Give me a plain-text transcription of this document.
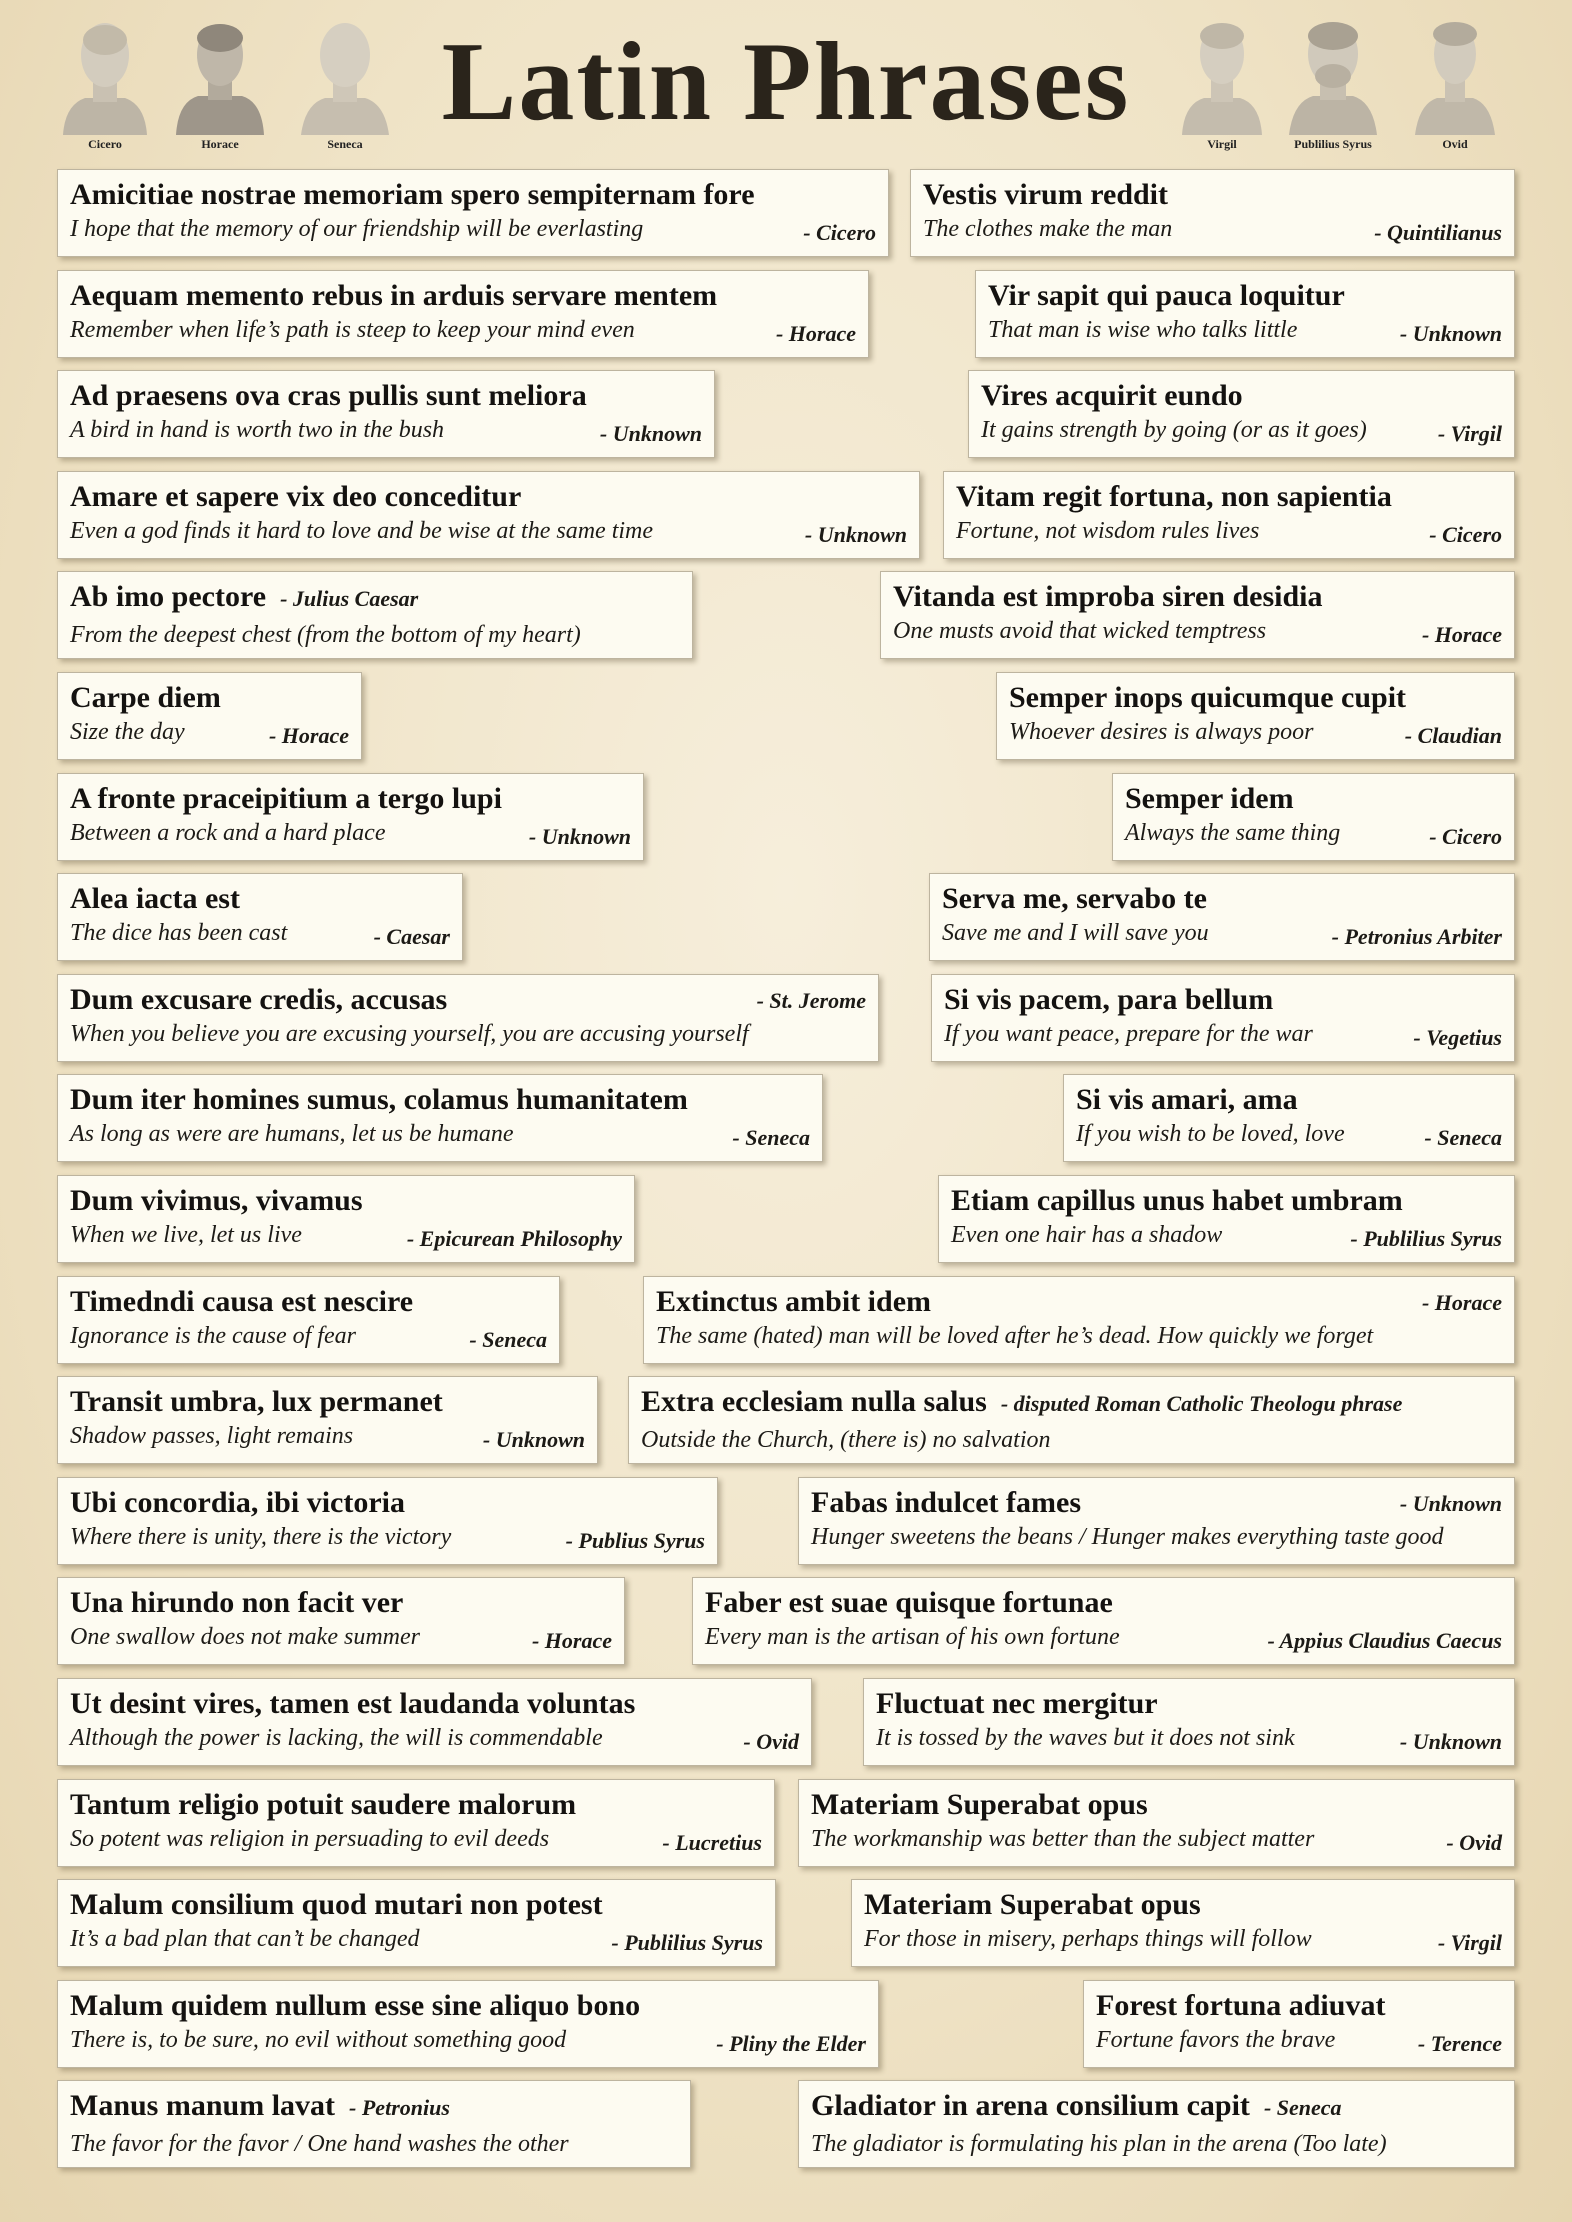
Cicero	Horace	Seneca Latin Phrases	Virgil	Publilius Syrus	Ovid
Amicitiae nostrae memoriam spero sempiternam fore
I hope that the memory of our friendship will be everlasting	- Cicero
Vestis virum reddit
The clothes make the man	- Quintilianus
Aequam memento rebus in arduis servare mentem
Remember when life’s path is steep to keep your mind even	- Horace
Vir sapit qui pauca loquitur
That man is wise who talks little	- Unknown
Ad praesens ova cras pullis sunt meliora
A bird in hand is worth two in the bush	- Unknown
Vires acquirit eundo
It gains strength by going (or as it goes)	- Virgil
Amare et sapere vix deo conceditur
Even a god finds it hard to love and be wise at the same time	- Unknown
Vitam regit fortuna, non sapientia
Fortune, not wisdom rules lives	- Cicero
Ab imo pectore - Julius Caesar
From the deepest chest (from the bottom of my heart)
Vitanda est improba siren desidia
One musts avoid that wicked temptress	- Horace
Carpe diem
Size the day	- Horace
Semper inops quicumque cupit
Whoever desires is always poor	- Claudian
A fronte praceipitium a tergo lupi
Between a rock and a hard place	- Unknown
Semper idem
Always the same thing	- Cicero
Alea iacta est
The dice has been cast	- Caesar
Serva me, servabo te
Save me and I will save you	- Petronius Arbiter
Dum excusare credis, accusas
When you believe you are excusing yourself, you are accusing yourself
- St. Jerome	Si vis pacem, para bellum
If you want peace, prepare for the war	- Vegetius
Dum iter homines sumus, colamus humanitatem
As long as were are humans, let us be humane	- Seneca
Si vis amari, ama
If you wish to be loved, love	- Seneca
Dum vivimus, vivamus
When we live, let us live	- Epicurean Philosophy
Etiam capillus unus habet umbram
Even one hair has a shadow	- Publilius Syrus
Timedndi causa est nescire
Ignorance is the cause of fear	- Seneca
Extinctus ambit idem
The same (hated) man will be loved after he’s dead. How quickly we forget
- Horace
Transit umbra, lux permanet
Shadow passes, light remains	- Unknown
Extra ecclesiam nulla salus - disputed Roman Catholic Theologu phrase
Outside the Church, (there is) no salvation
Ubi concordia, ibi victoria
Where there is unity, there is the victory	- Publius Syrus
Fabas indulcet fames
Hunger sweetens the beans / Hunger makes everything taste good
- Unknown
Una hirundo non facit ver
One swallow does not make summer	- Horace
Faber est suae quisque fortunae
Every man is the artisan of his own fortune	- Appius Claudius Caecus
Ut desint vires, tamen est laudanda voluntas
Although the power is lacking, the will is commendable	- Ovid
Fluctuat nec mergitur
It is tossed by the waves but it does not sink	- Unknown
Tantum religio potuit saudere malorum
So potent was religion in persuading to evil deeds	- Lucretius
Materiam Superabat opus
The workmanship was better than the subject matter	- Ovid
Malum consilium quod mutari non potest
It’s a bad plan that can’t be changed	- Publilius Syrus
Materiam Superabat opus
For those in misery, perhaps things will follow	- Virgil
Malum quidem nullum esse sine aliquo bono
There is, to be sure, no evil without something good	- Pliny the Elder
Forest fortuna adiuvat
Fortune favors the brave	- Terence
Manus manum lavat - Petronius
The favor for the favor / One hand washes the other
Gladiator in arena consilium capit - Seneca
The gladiator is formulating his plan in the arena (Too late)
